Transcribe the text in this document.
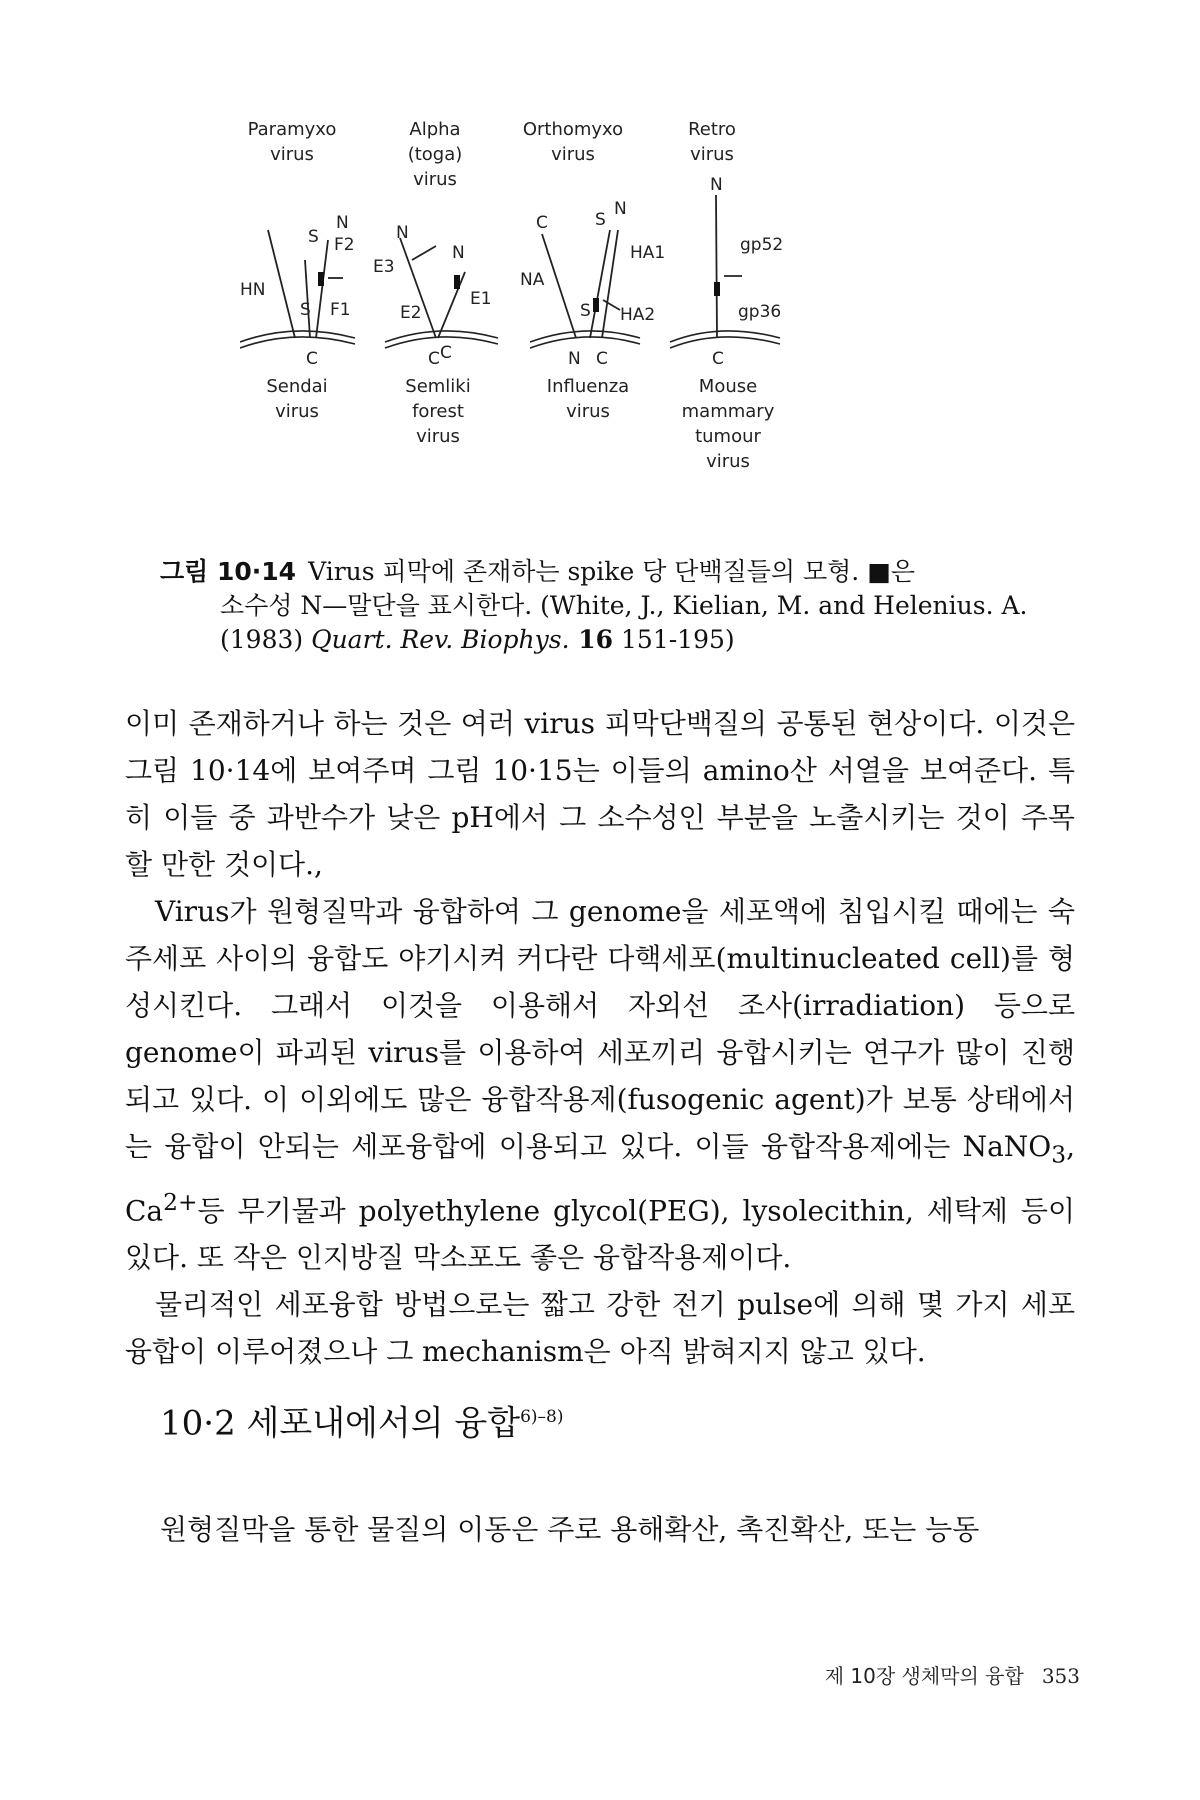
Paramyxo
virus
Alpha
(toga)
virus
Orthomyxo
virus
Retro
virus
HN
S
N
F2
S F1
C
N
E3
N
E2
E1
C C
C	S
N
NA
HA1
S HA2
N C
N
gp52
gp36
C
Sendai
virus
Semliki
forest
virus
Influenza
virus
Mouse
mammary
tumour
virus
그림 10·14 Virus 피막에 존재하는 spike 당 단백질들의 모형. ■은
소수성 N—말단을 표시한다. (White, J., Kielian, M. and Helenius. A.
(1983) Quart. Rev. Biophys. 16 151-195)

이미 존재하거나 하는 것은 여러 virus 피막단백질의 공통된 현상이다. 이것은 그림 10·14에 보여주며 그림 10·15는 이들의 amino산 서열을 보여준다. 특히 이들 중 과반수가 낮은 pH에서 그 소수성인 부분을 노출시키는 것이 주목할 만한 것이다.,

Virus가 원형질막과 융합하여 그 genome을 세포액에 침입시킬 때에는 숙주세포 사이의 융합도 야기시켜 커다란 다핵세포(multinucleated cell)를 형성시킨다. 그래서 이것을 이용해서 자외선 조사(irradiation) 등으로 genome이 파괴된 virus를 이용하여 세포끼리 융합시키는 연구가 많이 진행되고 있다. 이 이외에도 많은 융합작용제(fusogenic agent)가 보통 상태에서는 융합이 안되는 세포융합에 이용되고 있다. 이들 융합작용제에는 NaNO$_3$, $Ca^{2+}$등 무기물과 polyethylene glycol(PEG), lysolecithin, 세탁제 등이 있다. 또 작은 인지방질 막소포도 좋은 융합작용제이다.

물리적인 세포융합 방법으로는 짧고 강한 전기 pulse에 의해 몇 가지 세포융합이 이루어졌으나 그 mechanism은 아직 밝혀지지 않고 있다.

10·2 세포내에서의 융합$^{6)-8)}$
원형질막을 통한 물질의 이동은 주로 용해확산, 촉진확산, 또는 능동
제 10장 생체막의 융합 353
